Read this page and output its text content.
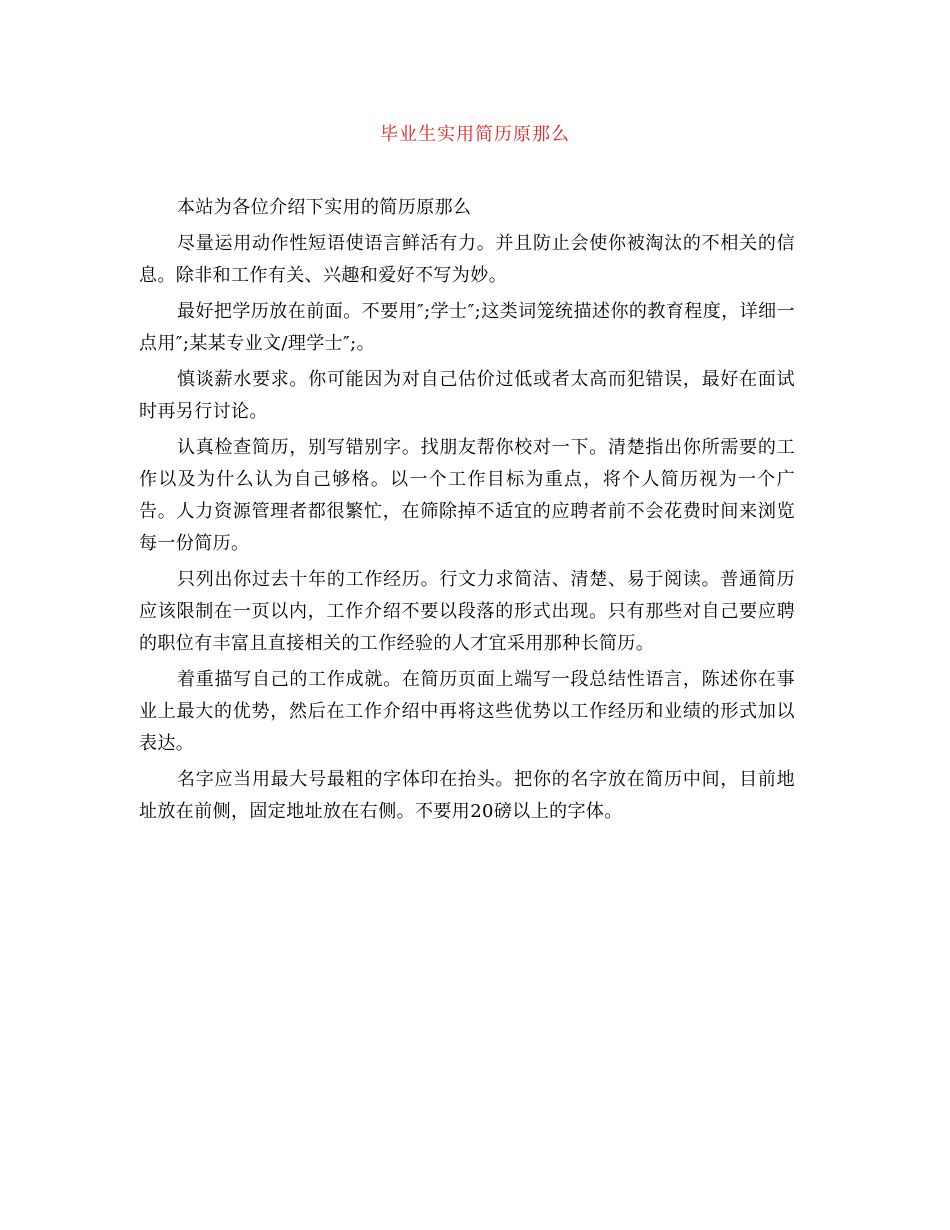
毕业生实用简历原那么

本站为各位介绍下实用的简历原那么

尽量运用动作性短语使语言鲜活有力。并且防止会使你被淘汰的不相关的信息。除非和工作有关、兴趣和爱好不写为妙。

最好把学历放在前面。不要用″;学士″;这类词笼统描述你的教育程度，详细一点用″;某某专业文/理学士″;。

慎谈薪水要求。你可能因为对自己估价过低或者太高而犯错误，最好在面试时再另行讨论。

认真检查简历，别写错别字。找朋友帮你校对一下。清楚指出你所需要的工作以及为什么认为自己够格。以一个工作目标为重点，将个人简历视为一个广告。人力资源管理者都很繁忙，在筛除掉不适宜的应聘者前不会花费时间来浏览每一份简历。

只列出你过去十年的工作经历。行文力求简洁、清楚、易于阅读。普通简历应该限制在一页以内，工作介绍不要以段落的形式出现。只有那些对自己要应聘的职位有丰富且直接相关的工作经验的人才宜采用那种长简历。

着重描写自己的工作成就。在简历页面上端写一段总结性语言，陈述你在事业上最大的优势，然后在工作介绍中再将这些优势以工作经历和业绩的形式加以表达。

名字应当用最大号最粗的字体印在抬头。把你的名字放在简历中间，目前地址放在前侧，固定地址放在右侧。不要用20磅以上的字体。
